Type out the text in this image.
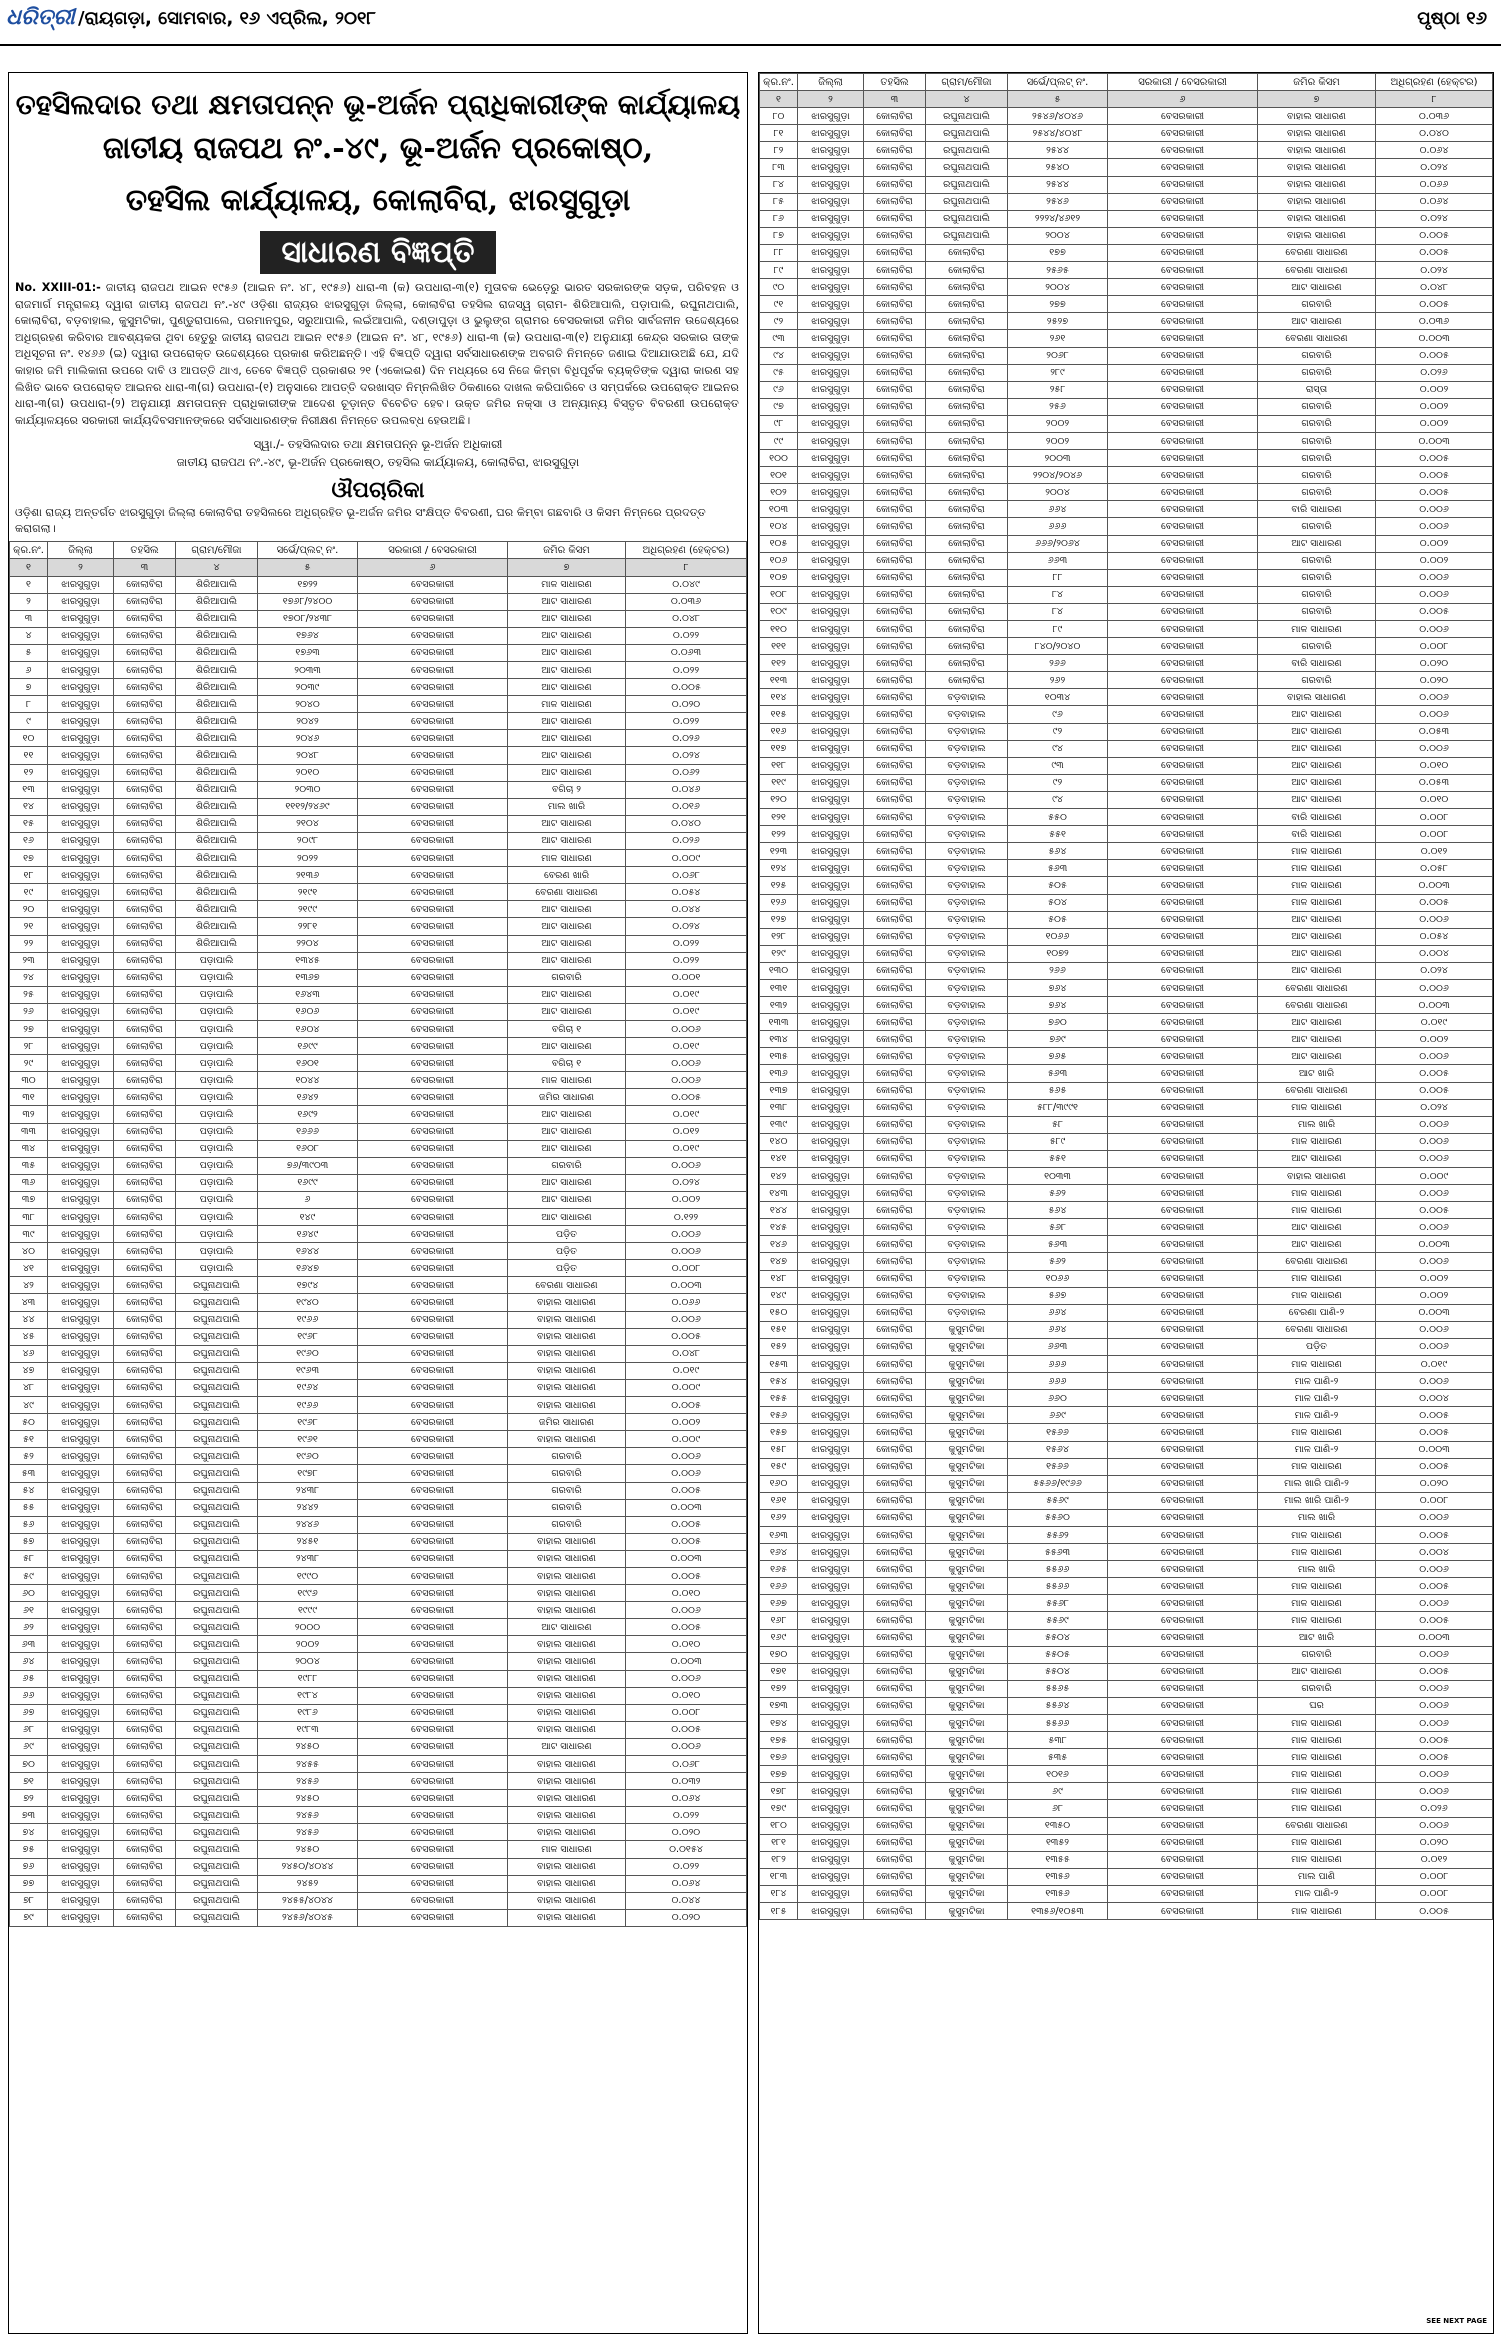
ଧରିତ୍ରୀ /ରାୟଗଡ଼ା, ସୋମବାର, ୧୬ ଏପ୍ରିଲ, ୨୦୧୮	ପୃଷ୍ଠା ୧୬
ତହସିଲଦାର ତଥା କ୍ଷମତାପନ୍ନ ଭୂ-ଅର୍ଜନ ପ୍ରାଧିକାରୀଙ୍କ କାର୍ଯ୍ୟାଳୟ
ଜାତୀୟ ରାଜପଥ ନଂ.-୪୯, ଭୂ-ଅର୍ଜନ ପ୍ରକୋଷ୍ଠ,
ତହସିଲ କାର୍ଯ୍ୟାଳୟ, କୋଲାବିରା, ଝାରସୁଗୁଡ଼ା
ସାଧାରଣ ବିଜ୍ଞପ୍ତି
No. XXIII-01:- ଜାତୀୟ ରାଜପଥ ଆଇନ ୧୯୫୬ (ଆଇନ ନଂ. ୪୮, ୧୯୫୬) ଧାରା-୩ (କ) ଉପଧାରା-୩(୧) ମୁତାବକ ଭେଡ଼େରୁ ଭାରତ ସରକାରଙ୍କ ସଡ଼କ, ପରିବହନ ଓ ରାଜମାର୍ଗ ମନ୍ତ୍ରାଳୟ ଦ୍ୱାରା ଜାତୀୟ ରାଜପଥ ନଂ.-୪୯ ଓଡ଼ିଶା ରାଜ୍ୟର ଝାରସୁଗୁଡ଼ା ଜିଲ୍ଲା, କୋଲାବିରା ତହସିଲ ରାଜସ୍ୱ ଗ୍ରାମ- ଶିରିଆପାଲି, ପଡ଼ାପାଲି, ରଘୁନାଥପାଲି, କୋଲାବିରା, ବଡ଼ବାହାଲ, କୁସୁମଟିକା, ପୁଣ୍ଡୁରାପାଲେ, ପରମାନପୁର, ସରୁଆପାଲି, ଲଇଁଆପାଲି, ଦଣ୍ଡାପୁଡ଼ା ଓ ଭୁଲୁଙ୍ଗ ଗ୍ରାମର ବେସରକାରୀ ଜମିର ସାର୍ବଜନୀନ ଉଦ୍ଦେଶ୍ୟରେ ଅଧିଗ୍ରହଣ କରିବାର ଆବଶ୍ୟକତା ଥିବା ହେତୁରୁ ଜାତୀୟ ରାଜପଥ ଆଇନ ୧୯୫୬ (ଆଇନ ନଂ. ୪୮, ୧୯୫୬) ଧାରା-୩ (କ) ଉପଧାରା-୩(୧) ଅନୁଯାୟୀ କେନ୍ଦ୍ର ସରକାର ତାଙ୍କ ଅଧିସୂଚନା ନଂ. ୧୪୬୬ (ଇ) ଦ୍ୱାରା ଉପରୋକ୍ତ ଉଦ୍ଦେଶ୍ୟରେ ପ୍ରକାଶ କରିଅଛନ୍ତି। ଏହି ବିଜ୍ଞପ୍ତି ଦ୍ୱାରା ସର୍ବସାଧାରଣଙ୍କ ଅବଗତି ନିମନ୍ତେ ଜଣାଇ ଦିଆଯାଉଅଛି ଯେ, ଯଦି କାହାର ଜମି ମାଲିକାନା ଉପରେ ଦାବି ଓ ଆପତ୍ତି ଥାଏ, ତେବେ ବିଜ୍ଞପ୍ତି ପ୍ରକାଶର ୨୧ (ଏକୋଇଶ) ଦିନ ମଧ୍ୟରେ ସେ ନିଜେ କିମ୍ବା ବିଧିପୂର୍ବକ ବ୍ୟକ୍ତିଙ୍କ ଦ୍ୱାରା କାରଣ ସହ ଲିଖିତ ଭାବେ ଉପରୋକ୍ତ ଆଇନର ଧାରା-୩(ଗ) ଉପଧାରା-(୧) ଅନୁସାରେ ଆପତ୍ତି ଦରଖାସ୍ତ ନିମ୍ନଲିଖିତ ଠିକଣାରେ ଦାଖଲ କରିପାରିବେ ଓ ସମ୍ପର୍କରେ ଉପରୋକ୍ତ ଆଇନର ଧାରା-୩(ଗ) ଉପଧାରା-(୨) ଅନୁଯାୟୀ କ୍ଷମତାପନ୍ନ ପ୍ରାଧିକାରୀଙ୍କ ଆଦେଶ ଚୂଡ଼ାନ୍ତ ବିବେଚିତ ହେବ। ଉକ୍ତ ଜମିର ନକ୍ସା ଓ ଅନ୍ୟାନ୍ୟ ବିସ୍ତୃତ ବିବରଣୀ ଉପରୋକ୍ତ କାର୍ଯ୍ୟାଳୟରେ ସରକାରୀ କାର୍ଯ୍ୟଦିବସମାନଙ୍କରେ ସର୍ବସାଧାରଣଙ୍କ ନିରୀକ୍ଷଣ ନିମନ୍ତେ ଉପଲବ୍ଧ ହେଉଅଛି।
ସ୍ୱା./- ତହସିଲଦାର ତଥା କ୍ଷମତାପନ୍ନ ଭୂ-ଅର୍ଜନ ଅଧିକାରୀ
ଜାତୀୟ ରାଜପଥ ନଂ.-୪୯, ଭୂ-ଅର୍ଜନ ପ୍ରକୋଷ୍ଠ, ତହସିଲ କାର୍ଯ୍ୟାଳୟ, କୋଲାବିରା, ଝାରସୁଗୁଡ଼ା
ଔପଚାରିକା
ଓଡ଼ିଶା ରାଜ୍ୟ ଅନ୍ତର୍ଗତ ଝାରସୁଗୁଡ଼ା ଜିଲ୍ଲା କୋଲାବିରା ତହସିଲରେ ଅଧିଗ୍ରହିତ ଭୂ-ଅର୍ଜନ ଜମିର ସଂକ୍ଷିପ୍ତ ବିବରଣୀ, ଘର କିମ୍ବା ଗଛବାରି ଓ କିସମ ନିମ୍ନରେ ପ୍ରଦତ୍ତ କରାଗଲା।
କ୍ର.ନଂ.	ଜିଲ୍ଲା	ତହସିଲ	ଗ୍ରାମ/ମୌଜା	ସର୍ଭେ/ପ୍ଲଟ୍ ନଂ.	ସରକାରୀ / ବେସରକାରୀ	ଜମିର କିସମ	ଅଧିଗ୍ରହଣ (ହେକ୍ଟର)
୧	୨	୩	୪	୫	୬	୭	୮
୧	ଝାରସୁଗୁଡ଼ା	କୋଲାବିରା	ଶିରିଆପାଲି	୧୭୨୨	ବେସରକାରୀ	ମାଳ ସାଧାରଣ	୦.୦୪୯
୨	ଝାରସୁଗୁଡ଼ା	କୋଲାବିରା	ଶିରିଆପାଲି	୧୭୬୮/୨୪୦୦	ବେସରକାରୀ	ଆଟ ସାଧାରଣ	୦.୦୩୬
୩	ଝାରସୁଗୁଡ଼ା	କୋଲାବିରା	ଶିରିଆପାଲି	୧୭୦୮/୨୪୩୮	ବେସରକାରୀ	ଆଟ ସାଧାରଣ	୦.୦୪୮
୪	ଝାରସୁଗୁଡ଼ା	କୋଲାବିରା	ଶିରିଆପାଲି	୧୭୬୪	ବେସରକାରୀ	ଆଟ ସାଧାରଣ	୦.୦୨୨
୫	ଝାରସୁଗୁଡ଼ା	କୋଲାବିରା	ଶିରିଆପାଲି	୧୭୬୩	ବେସରକାରୀ	ଆଟ ସାଧାରଣ	୦.୦୬୩
୬	ଝାରସୁଗୁଡ଼ା	କୋଲାବିରା	ଶିରିଆପାଲି	୨୦୩୩	ବେସରକାରୀ	ଆଟ ସାଧାରଣ	୦.୦୨୨
୭	ଝାରସୁଗୁଡ଼ା	କୋଲାବିରା	ଶିରିଆପାଲି	୨୦୩୯	ବେସରକାରୀ	ଆଟ ସାଧାରଣ	୦.୦୦୫
୮	ଝାରସୁଗୁଡ଼ା	କୋଲାବିରା	ଶିରିଆପାଲି	୨୦୪୦	ବେସରକାରୀ	ମାଳ ସାଧାରଣ	୦.୦୨୦
୯	ଝାରସୁଗୁଡ଼ା	କୋଲାବିରା	ଶିରିଆପାଲି	୨୦୪୨	ବେସରକାରୀ	ଆଟ ସାଧାରଣ	୦.୦୨୨
୧୦	ଝାରସୁଗୁଡ଼ା	କୋଲାବିରା	ଶିରିଆପାଲି	୨୦୪୬	ବେସରକାରୀ	ଆଟ ସାଧାରଣ	୦.୦୨୬
୧୧	ଝାରସୁଗୁଡ଼ା	କୋଲାବିରା	ଶିରିଆପାଲି	୨୦୪୮	ବେସରକାରୀ	ଆଟ ସାଧାରଣ	୦.୦୨୪
୧୨	ଝାରସୁଗୁଡ଼ା	କୋଲାବିରା	ଶିରିଆପାଲି	୨୦୧୦	ବେସରକାରୀ	ଆଟ ସାଧାରଣ	୦.୦୬୨
୧୩	ଝାରସୁଗୁଡ଼ା	କୋଲାବିରା	ଶିରିଆପାଲି	୨୦୩୦	ବେସରକାରୀ	ବଗିଚା ୨	୦.୦୪୬
୧୪	ଝାରସୁଗୁଡ଼ା	କୋଲାବିରା	ଶିରିଆପାଲି	୧୧୧୨/୨୪୬୯	ବେସରକାରୀ	ମାଲ ଖାରି	୦.୦୧୬
୧୫	ଝାରସୁଗୁଡ଼ା	କୋଲାବିରା	ଶିରିଆପାଲି	୨୧୦୪	ବେସରକାରୀ	ଆଟ ସାଧାରଣ	୦.୦୪୦
୧୬	ଝାରସୁଗୁଡ଼ା	କୋଲାବିରା	ଶିରିଆପାଲି	୨୦୯୮	ବେସରକାରୀ	ଆଟ ସାଧାରଣ	୦.୦୨୬
୧୭	ଝାରସୁଗୁଡ଼ା	କୋଲାବିରା	ଶିରିଆପାଲି	୨୦୨୨	ବେସରକାରୀ	ମାଳ ସାଧାରଣ	୦.୦୦୯
୧୮	ଝାରସୁଗୁଡ଼ା	କୋଲାବିରା	ଶିରିଆପାଲି	୨୧୩୬	ବେସରକାରୀ	ବେରଣ ଖାରି	୦.୦୬୮
୧୯	ଝାରସୁଗୁଡ଼ା	କୋଲାବିରା	ଶିରିଆପାଲି	୨୧୯୧	ବେସରକାରୀ	ବେରଣା ସାଧାରଣ	୦.୦୫୪
୨୦	ଝାରସୁଗୁଡ଼ା	କୋଲାବିରା	ଶିରିଆପାଲି	୨୧୯୯	ବେସରକାରୀ	ଆଟ ସାଧାରଣ	୦.୦୪୪
୨୧	ଝାରସୁଗୁଡ଼ା	କୋଲାବିରା	ଶିରିଆପାଲି	୨୨୮୧	ବେସରକାରୀ	ଆଟ ସାଧାରଣ	୦.୦୨୪
୨୨	ଝାରସୁଗୁଡ଼ା	କୋଲାବିରା	ଶିରିଆପାଲି	୨୨୦୪	ବେସରକାରୀ	ଆଟ ସାଧାରଣ	୦.୦୨୨
୨୩	ଝାରସୁଗୁଡ଼ା	କୋଲାବିରା	ପଡ଼ାପାଲି	୧୩୪୫	ବେସରକାରୀ	ଆଟ ସାଧାରଣ	୦.୦୨୨
୨୪	ଝାରସୁଗୁଡ଼ା	କୋଲାବିରା	ପଡ଼ାପାଲି	୧୩୬୭	ବେସରକାରୀ	ଗରବାରି	୦.୦୦୧
୨୫	ଝାରସୁଗୁଡ଼ା	କୋଲାବିରା	ପଡ଼ାପାଲି	୧୬୪୩	ବେସରକାରୀ	ଆଟ ସାଧାରଣ	୦.୦୧୯
୨୬	ଝାରସୁଗୁଡ଼ା	କୋଲାବିରା	ପଡ଼ାପାଲି	୧୬୦୬	ବେସରକାରୀ	ଆଟ ସାଧାରଣ	୦.୦୧୯
୨୭	ଝାରସୁଗୁଡ଼ା	କୋଲାବିରା	ପଡ଼ାପାଲି	୧୬୦୪	ବେସରକାରୀ	ବଗିଚା ୧	୦.୦୦୬
୨୮	ଝାରସୁଗୁଡ଼ା	କୋଲାବିରା	ପଡ଼ାପାଲି	୧୬୯୯	ବେସରକାରୀ	ଆଟ ସାଧାରଣ	୦.୦୧୯
୨୯	ଝାରସୁଗୁଡ଼ା	କୋଲାବିରା	ପଡ଼ାପାଲି	୧୬୦୧	ବେସରକାରୀ	ବଗିଚା ୧	୦.୦୦୬
୩୦	ଝାରସୁଗୁଡ଼ା	କୋଲାବିରା	ପଡ଼ାପାଲି	୧୦୪୪	ବେସରକାରୀ	ମାଳ ସାଧାରଣ	୦.୦୦୬
୩୧	ଝାରସୁଗୁଡ଼ା	କୋଲାବିରା	ପଡ଼ାପାଲି	୧୬୪୨	ବେସରକାରୀ	ଜମିର ସାଧାରଣ	୦.୦୦୫
୩୨	ଝାରସୁଗୁଡ଼ା	କୋଲାବିରା	ପଡ଼ାପାଲି	୧୬୯୨	ବେସରକାରୀ	ଆଟ ସାଧାରଣ	୦.୦୧୯
୩୩	ଝାରସୁଗୁଡ଼ା	କୋଲାବିରା	ପଡ଼ାପାଲି	୧୬୬୬	ବେସରକାରୀ	ଆଟ ସାଧାରଣ	୦.୦୧୨
୩୪	ଝାରସୁଗୁଡ଼ା	କୋଲାବିରା	ପଡ଼ାପାଲି	୧୬୦୮	ବେସରକାରୀ	ଆଟ ସାଧାରଣ	୦.୦୧୯
୩୫	ଝାରସୁଗୁଡ଼ା	କୋଲାବିରା	ପଡ଼ାପାଲି	୭୬/୩୯୦୩	ବେସରକାରୀ	ଗରବାରି	୦.୦୦୬
୩୬	ଝାରସୁଗୁଡ଼ା	କୋଲାବିରା	ପଡ଼ାପାଲି	୧୬୯୯	ବେସରକାରୀ	ଆଟ ସାଧାରଣ	୦.୦୨୪
୩୭	ଝାରସୁଗୁଡ଼ା	କୋଲାବିରା	ପଡ଼ାପାଲି	୬	ବେସରକାରୀ	ଆଟ ସାଧାରଣ	୦.୦୦୨
୩୮	ଝାରସୁଗୁଡ଼ା	କୋଲାବିରା	ପଡ଼ାପାଲି	୧୪୯	ବେସରକାରୀ	ଆଟ ସାଧାରଣ	୦.୧୨୨
୩୯	ଝାରସୁଗୁଡ଼ା	କୋଲାବିରା	ପଡ଼ାପାଲି	୧୬୪୯	ବେସରକାରୀ	ପଡ଼ିତ	୦.୦୦୬
୪୦	ଝାରସୁଗୁଡ଼ା	କୋଲାବିରା	ପଡ଼ାପାଲି	୧୬୪୪	ବେସରକାରୀ	ପଡ଼ିତ	୦.୦୦୬
୪୧	ଝାରସୁଗୁଡ଼ା	କୋଲାବିରା	ପଡ଼ାପାଲି	୧୬୪୭	ବେସରକାରୀ	ପଡ଼ିତ	୦.୦୦୮
୪୨	ଝାରସୁଗୁଡ଼ା	କୋଲାବିରା	ରଘୁନାଥପାଲି	୧୭୯୪	ବେସରକାରୀ	ବେରଣା ସାଧାରଣ	୦.୦୦୩
୪୩	ଝାରସୁଗୁଡ଼ା	କୋଲାବିରା	ରଘୁନାଥପାଲି	୧୯୪୦	ବେସରକାରୀ	ବାହାଲ ସାଧାରଣ	୦.୦୬୬
୪୪	ଝାରସୁଗୁଡ଼ା	କୋଲାବିରା	ରଘୁନାଥପାଲି	୧୯୬୬	ବେସରକାରୀ	ବାହାଲ ସାଧାରଣ	୦.୦୦୬
୪୫	ଝାରସୁଗୁଡ଼ା	କୋଲାବିରା	ରଘୁନାଥପାଲି	୧୯୬୮	ବେସରକାରୀ	ବାହାଲ ସାଧାରଣ	୦.୦୦୫
୪୬	ଝାରସୁଗୁଡ଼ା	କୋଲାବିରା	ରଘୁନାଥପାଲି	୧୯୬୦	ବେସରକାରୀ	ବାହାଲ ସାଧାରଣ	୦.୦୪୮
୪୭	ଝାରସୁଗୁଡ଼ା	କୋଲାବିରା	ରଘୁନାଥପାଲି	୧୯୬୩	ବେସରକାରୀ	ବାହାଲ ସାଧାରଣ	୦.୦୧୯
୪୮	ଝାରସୁଗୁଡ଼ା	କୋଲାବିରା	ରଘୁନାଥପାଲି	୧୯୬୪	ବେସରକାରୀ	ବାହାଲ ସାଧାରଣ	୦.୦୦୯
୪୯	ଝାରସୁଗୁଡ଼ା	କୋଲାବିରା	ରଘୁନାଥପାଲି	୧୯୬୬	ବେସରକାରୀ	ବାହାଲ ସାଧାରଣ	୦.୦୦୫
୫୦	ଝାରସୁଗୁଡ଼ା	କୋଲାବିରା	ରଘୁନାଥପାଲି	୧୯୬୮	ବେସରକାରୀ	ଜମିର ସାଧାରଣ	୦.୦୦୨
୫୧	ଝାରସୁଗୁଡ଼ା	କୋଲାବିରା	ରଘୁନାଥପାଲି	୧୯୬୧	ବେସରକାରୀ	ବାହାଲ ସାଧାରଣ	୦.୦୦୯
୫୨	ଝାରସୁଗୁଡ଼ା	କୋଲାବିରା	ରଘୁନାଥପାଲି	୧୯୬୦	ବେସରକାରୀ	ଗରବାରି	୦.୦୦୬
୫୩	ଝାରସୁଗୁଡ଼ା	କୋଲାବିରା	ରଘୁନାଥପାଲି	୧୯୭୮	ବେସରକାରୀ	ଗରବାରି	୦.୦୦୬
୫୪	ଝାରସୁଗୁଡ଼ା	କୋଲାବିରା	ରଘୁନାଥପାଲି	୨୪୩୮	ବେସରକାରୀ	ଗରବାରି	୦.୦୦୫
୫୫	ଝାରସୁଗୁଡ଼ା	କୋଲାବିରା	ରଘୁନାଥପାଲି	୨୪୪୨	ବେସରକାରୀ	ଗରବାରି	୦.୦୦୩
୫୬	ଝାରସୁଗୁଡ଼ା	କୋଲାବିରା	ରଘୁନାଥପାଲି	୨୪୪୬	ବେସରକାରୀ	ଗରବାରି	୦.୦୦୫
୫୭	ଝାରସୁଗୁଡ଼ା	କୋଲାବିରା	ରଘୁନାଥପାଲି	୨୪୫୧	ବେସରକାରୀ	ବାହାଲ ସାଧାରଣ	୦.୦୦୫
୫୮	ଝାରସୁଗୁଡ଼ା	କୋଲାବିରା	ରଘୁନାଥପାଲି	୨୪୩୮	ବେସରକାରୀ	ବାହାଲ ସାଧାରଣ	୦.୦୦୩
୫୯	ଝାରସୁଗୁଡ଼ା	କୋଲାବିରା	ରଘୁନାଥପାଲି	୧୯୯୦	ବେସରକାରୀ	ବାହାଲ ସାଧାରଣ	୦.୦୦୫
୬୦	ଝାରସୁଗୁଡ଼ା	କୋଲାବିରା	ରଘୁନାଥପାଲି	୧୯୯୬	ବେସରକାରୀ	ବାହାଲ ସାଧାରଣ	୦.୦୧୦
୬୧	ଝାରସୁଗୁଡ଼ା	କୋଲାବିରା	ରଘୁନାଥପାଲି	୧୯୯୯	ବେସରକାରୀ	ବାହାଲ ସାଧାରଣ	୦.୦୦୬
୬୨	ଝାରସୁଗୁଡ଼ା	କୋଲାବିରା	ରଘୁନାଥପାଲି	୨୦୦୦	ବେସରକାରୀ	ଆଟ ସାଧାରଣ	୦.୦୦୫
୬୩	ଝାରସୁଗୁଡ଼ା	କୋଲାବିରା	ରଘୁନାଥପାଲି	୨୦୦୨	ବେସରକାରୀ	ବାହାଲ ସାଧାରଣ	୦.୦୧୦
୬୪	ଝାରସୁଗୁଡ଼ା	କୋଲାବିରା	ରଘୁନାଥପାଲି	୨୦୦୪	ବେସରକାରୀ	ବାହାଲ ସାଧାରଣ	୦.୦୦୩
୬୫	ଝାରସୁଗୁଡ଼ା	କୋଲାବିରା	ରଘୁନାଥପାଲି	୧୯୮୮	ବେସରକାରୀ	ବାହାଲ ସାଧାରଣ	୦.୦୦୬
୬୬	ଝାରସୁଗୁଡ଼ା	କୋଲାବିରା	ରଘୁନାଥପାଲି	୧୯୮୪	ବେସରକାରୀ	ବାହାଲ ସାଧାରଣ	୦.୦୧୦
୬୭	ଝାରସୁଗୁଡ଼ା	କୋଲାବିରା	ରଘୁନାଥପାଲି	୧୯୮୬	ବେସରକାରୀ	ବାହାଲ ସାଧାରଣ	୦.୦୦୮
୬୮	ଝାରସୁଗୁଡ଼ା	କୋଲାବିରା	ରଘୁନାଥପାଲି	୧୯୮୩	ବେସରକାରୀ	ବାହାଲ ସାଧାରଣ	୦.୦୦୫
୬୯	ଝାରସୁଗୁଡ଼ା	କୋଲାବିରା	ରଘୁନାଥପାଲି	୨୪୫୦	ବେସରକାରୀ	ଆଟ ସାଧାରଣ	୦.୦୦୬
୭୦	ଝାରସୁଗୁଡ଼ା	କୋଲାବିରା	ରଘୁନାଥପାଲି	୨୪୫୫	ବେସରକାରୀ	ବାହାଲ ସାଧାରଣ	୦.୦୬୮
୭୧	ଝାରସୁଗୁଡ଼ା	କୋଲାବିରା	ରଘୁନାଥପାଲି	୨୪୫୬	ବେସରକାରୀ	ବାହାଲ ସାଧାରଣ	୦.୦୩୨
୭୨	ଝାରସୁଗୁଡ଼ା	କୋଲାବିରା	ରଘୁନାଥପାଲି	୨୪୫୦	ବେସରକାରୀ	ବାହାଲ ସାଧାରଣ	୦.୦୬୪
୭୩	ଝାରସୁଗୁଡ଼ା	କୋଲାବିରା	ରଘୁନାଥପାଲି	୨୪୫୬	ବେସରକାରୀ	ବାହାଲ ସାଧାରଣ	୦.୦୨୨
୭୪	ଝାରସୁଗୁଡ଼ା	କୋଲାବିରା	ରଘୁନାଥପାଲି	୨୪୫୬	ବେସରକାରୀ	ବାହାଲ ସାଧାରଣ	୦.୦୨୦
୭୫	ଝାରସୁଗୁଡ଼ା	କୋଲାବିରା	ରଘୁନାଥପାଲି	୨୪୫୦	ବେସରକାରୀ	ମାଳ ସାଧାରଣ	୦.୦୧୫୪
୭୬	ଝାରସୁଗୁଡ଼ା	କୋଲାବିରା	ରଘୁନାଥପାଲି	୨୪୫୦/୪୦୪୪	ବେସରକାରୀ	ବାହାଲ ସାଧାରଣ	୦.୦୨୨
୭୭	ଝାରସୁଗୁଡ଼ା	କୋଲାବିରା	ରଘୁନାଥପାଲି	୨୪୫୨	ବେସରକାରୀ	ବାହାଲ ସାଧାରଣ	୦.୦୬୪
୭୮	ଝାରସୁଗୁଡ଼ା	କୋଲାବିରା	ରଘୁନାଥପାଲି	୨୪୫୫/୪୦୪୪	ବେସରକାରୀ	ବାହାଲ ସାଧାରଣ	୦.୦୪୪
୭୯	ଝାରସୁଗୁଡ଼ା	କୋଲାବିରା	ରଘୁନାଥପାଲି	୨୪୫୬/୪୦୪୫	ବେସରକାରୀ	ବାହାଲ ସାଧାରଣ	୦.୦୨୦
କ୍ର.ନଂ.	ଜିଲ୍ଲା	ତହସିଲ	ଗ୍ରାମ/ମୌଜା	ସର୍ଭେ/ପ୍ଲଟ୍ ନଂ.	ସରକାରୀ / ବେସରକାରୀ	ଜମିର କିସମ	ଅଧିଗ୍ରହଣ (ହେକ୍ଟର)
୧	୨	୩	୪	୫	୬	୭	୮
୮୦	ଝାରସୁଗୁଡ଼ା	କୋଲାବିରା	ରଘୁନାଥପାଲି	୨୫୪୬/୪୦୪୬	ବେସରକାରୀ	ବାହାଲ ସାଧାରଣ	୦.୦୩୬
୮୧	ଝାରସୁଗୁଡ଼ା	କୋଲାବିରା	ରଘୁନାଥପାଲି	୨୫୪୪/୪୦୪୮	ବେସରକାରୀ	ବାହାଲ ସାଧାରଣ	୦.୦୪୦
୮୨	ଝାରସୁଗୁଡ଼ା	କୋଲାବିରା	ରଘୁନାଥପାଲି	୨୫୪୪	ବେସରକାରୀ	ବାହାଲ ସାଧାରଣ	୦.୦୬୪
୮୩	ଝାରସୁଗୁଡ଼ା	କୋଲାବିରା	ରଘୁନାଥପାଲି	୨୫୪୦	ବେସରକାରୀ	ବାହାଲ ସାଧାରଣ	୦.୦୨୪
୮୪	ଝାରସୁଗୁଡ଼ା	କୋଲାବିରା	ରଘୁନାଥପାଲି	୨୫୪୪	ବେସରକାରୀ	ବାହାଲ ସାଧାରଣ	୦.୦୬୬
୮୫	ଝାରସୁଗୁଡ଼ା	କୋଲାବିରା	ରଘୁନାଥପାଲି	୨୫୪୬	ବେସରକାରୀ	ବାହାଲ ସାଧାରଣ	୦.୦୬୪
୮୬	ଝାରସୁଗୁଡ଼ା	କୋଲାବିରା	ରଘୁନାଥପାଲି	୨୨୨୪/୪୬୧୨	ବେସରକାରୀ	ବାହାଲ ସାଧାରଣ	୦.୦୨୪
୮୭	ଝାରସୁଗୁଡ଼ା	କୋଲାବିରା	ରଘୁନାଥପାଲି	୨୦୦୪	ବେସରକାରୀ	ବାହାଲ ସାଧାରଣ	୦.୦୦୫
୮୮	ଝାରସୁଗୁଡ଼ା	କୋଲାବିରା	କୋଲାବିରା	୧୭୭	ବେସରକାରୀ	ବେରଣା ସାଧାରଣ	୦.୦୦୫
୮୯	ଝାରସୁଗୁଡ଼ା	କୋଲାବିରା	କୋଲାବିରା	୨୫୬୫	ବେସରକାରୀ	ବେରଣା ସାଧାରଣ	୦.୦୨୪
୯୦	ଝାରସୁଗୁଡ଼ା	କୋଲାବିରା	କୋଲାବିରା	୨୦୦୪	ବେସରକାରୀ	ଆଟ ସାଧାରଣ	୦.୦୪୮
୯୧	ଝାରସୁଗୁଡ଼ା	କୋଲାବିରା	କୋଲାବିରା	୨୭୭	ବେସରକାରୀ	ଗରବାରି	୦.୦୦୫
୯୨	ଝାରସୁଗୁଡ଼ା	କୋଲାବିରା	କୋଲାବିରା	୨୫୨୭	ବେସରକାରୀ	ଆଟ ସାଧାରଣ	୦.୦୩୬
୯୩	ଝାରସୁଗୁଡ଼ା	କୋଲାବିରା	କୋଲାବିରା	୨୬୧	ବେସରକାରୀ	ବେରଣା ସାଧାରଣ	୦.୦୦୩
୯୪	ଝାରସୁଗୁଡ଼ା	କୋଲାବିରା	କୋଲାବିରା	୨୦୬୮	ବେସରକାରୀ	ଗରବାରି	୦.୦୦୫
୯୫	ଝାରସୁଗୁଡ଼ା	କୋଲାବିରା	କୋଲାବିରା	୨୮୯	ବେସରକାରୀ	ଗରବାରି	୦.୦୨୬
୯୬	ଝାରସୁଗୁଡ଼ା	କୋଲାବିରା	କୋଲାବିରା	୨୫୮	ବେସରକାରୀ	ରାସ୍ତା	୦.୦୦୨
୯୭	ଝାରସୁଗୁଡ଼ା	କୋଲାବିରା	କୋଲାବିରା	୨୫୬	ବେସରକାରୀ	ଗରବାରି	୦.୦୦୨
୯୮	ଝାରସୁଗୁଡ଼ା	କୋଲାବିରା	କୋଲାବିରା	୨୦୦୨	ବେସରକାରୀ	ଗରବାରି	୦.୦୦୨
୯୯	ଝାରସୁଗୁଡ଼ା	କୋଲାବିରା	କୋଲାବିରା	୨୦୦୨	ବେସରକାରୀ	ଗରବାରି	୦.୦୦୩
୧୦୦	ଝାରସୁଗୁଡ଼ା	କୋଲାବିରା	କୋଲାବିରା	୨୦୦୩	ବେସରକାରୀ	ଗରବାରି	୦.୦୦୫
୧୦୧	ଝାରସୁଗୁଡ଼ା	କୋଲାବିରା	କୋଲାବିରା	୨୨୦୪/୨୦୪୬	ବେସରକାରୀ	ଗରବାରି	୦.୦୦୫
୧୦୨	ଝାରସୁଗୁଡ଼ା	କୋଲାବିରା	କୋଲାବିରା	୨୦୦୪	ବେସରକାରୀ	ଗରବାରି	୦.୦୦୫
୧୦୩	ଝାରସୁଗୁଡ଼ା	କୋଲାବିରା	କୋଲାବିରା	୬୬୪	ବେସରକାରୀ	ବାରି ସାଧାରଣ	୦.୦୦୬
୧୦୪	ଝାରସୁଗୁଡ଼ା	କୋଲାବିରା	କୋଲାବିରା	୬୬୬	ବେସରକାରୀ	ଗରବାରି	୦.୦୦୬
୧୦୫	ଝାରସୁଗୁଡ଼ା	କୋଲାବିରା	କୋଲାବିରା	୬୬୬/୨୦୬୪	ବେସରକାରୀ	ଆଟ ସାଧାରଣ	୦.୦୦୨
୧୦୬	ଝାରସୁଗୁଡ଼ା	କୋଲାବିରା	କୋଲାବିରା	୬୬୩	ବେସରକାରୀ	ଗରବାରି	୦.୦୦୨
୧୦୭	ଝାରସୁଗୁଡ଼ା	କୋଲାବିରା	କୋଲାବିରା	୮୮	ବେସରକାରୀ	ଗରବାରି	୦.୦୦୬
୧୦୮	ଝାରସୁଗୁଡ଼ା	କୋଲାବିରା	କୋଲାବିରା	୮୪	ବେସରକାରୀ	ଗରବାରି	୦.୦୦୬
୧୦୯	ଝାରସୁଗୁଡ଼ା	କୋଲାବିରା	କୋଲାବିରା	୮୪	ବେସରକାରୀ	ଗରବାରି	୦.୦୦୫
୧୧୦	ଝାରସୁଗୁଡ଼ା	କୋଲାବିରା	କୋଲାବିରା	୮୯	ବେସରକାରୀ	ମାଳ ସାଧାରଣ	୦.୦୦୬
୧୧୧	ଝାରସୁଗୁଡ଼ା	କୋଲାବିରା	କୋଲାବିରା	୮୪୦/୨୦୪୦	ବେସରକାରୀ	ଗରବାରି	୦.୦୦୮
୧୧୨	ଝାରସୁଗୁଡ଼ା	କୋଲାବିରା	କୋଲାବିରା	୨୬୬	ବେସରକାରୀ	ବାରି ସାଧାରଣ	୦.୦୨୦
୧୧୩	ଝାରସୁଗୁଡ଼ା	କୋଲାବିରା	କୋଲାବିରା	୨୬୨	ବେସରକାରୀ	ଗରବାରି	୦.୦୨୦
୧୧୪	ଝାରସୁଗୁଡ଼ା	କୋଲାବିରା	ବଡ଼ବାହାଲ	୧୦୩୪	ବେସରକାରୀ	ବାହାଲ ସାଧାରଣ	୦.୦୦୬
୧୧୫	ଝାରସୁଗୁଡ଼ା	କୋଲାବିରା	ବଡ଼ବାହାଲ	୯୬	ବେସରକାରୀ	ଆଟ ସାଧାରଣ	୦.୦୦୬
୧୧୬	ଝାରସୁଗୁଡ଼ା	କୋଲାବିରା	ବଡ଼ବାହାଲ	୯୨	ବେସରକାରୀ	ଆଟ ସାଧାରଣ	୦.୦୫୩
୧୧୭	ଝାରସୁଗୁଡ଼ା	କୋଲାବିରା	ବଡ଼ବାହାଲ	୯୪	ବେସରକାରୀ	ଆଟ ସାଧାରଣ	୦.୦୦୬
୧୧୮	ଝାରସୁଗୁଡ଼ା	କୋଲାବିରା	ବଡ଼ବାହାଲ	୯୩	ବେସରକାରୀ	ଆଟ ସାଧାରଣ	୦.୦୧୦
୧୧୯	ଝାରସୁଗୁଡ଼ା	କୋଲାବିରା	ବଡ଼ବାହାଲ	୯୨	ବେସରକାରୀ	ଆଟ ସାଧାରଣ	୦.୦୫୩
୧୨୦	ଝାରସୁଗୁଡ଼ା	କୋଲାବିରା	ବଡ଼ବାହାଲ	୯୪	ବେସରକାରୀ	ଆଟ ସାଧାରଣ	୦.୦୧୦
୧୨୧	ଝାରସୁଗୁଡ଼ା	କୋଲାବିରା	ବଡ଼ବାହାଲ	୫୫୦	ବେସରକାରୀ	ବାରି ସାଧାରଣ	୦.୦୦୮
୧୨୨	ଝାରସୁଗୁଡ଼ା	କୋଲାବିରା	ବଡ଼ବାହାଲ	୫୫୧	ବେସରକାରୀ	ବାରି ସାଧାରଣ	୦.୦୦୮
୧୨୩	ଝାରସୁଗୁଡ଼ା	କୋଲାବିରା	ବଡ଼ବାହାଲ	୫୬୪	ବେସରକାରୀ	ମାଳ ସାଧାରଣ	୦.୦୧୨
୧୨୪	ଝାରସୁଗୁଡ଼ା	କୋଲାବିରା	ବଡ଼ବାହାଲ	୫୬୩	ବେସରକାରୀ	ମାଳ ସାଧାରଣ	୦.୦୫୮
୧୨୫	ଝାରସୁଗୁଡ଼ା	କୋଲାବିରା	ବଡ଼ବାହାଲ	୫୦୫	ବେସରକାରୀ	ମାଳ ସାଧାରଣ	୦.୦୦୩
୧୨୬	ଝାରସୁଗୁଡ଼ା	କୋଲାବିରା	ବଡ଼ବାହାଲ	୫୦୪	ବେସରକାରୀ	ମାଳ ସାଧାରଣ	୦.୦୦୫
୧୨୭	ଝାରସୁଗୁଡ଼ା	କୋଲାବିରା	ବଡ଼ବାହାଲ	୫୦୫	ବେସରକାରୀ	ଆଟ ସାଧାରଣ	୦.୦୦୬
୧୨୮	ଝାରସୁଗୁଡ଼ା	କୋଲାବିରା	ବଡ଼ବାହାଲ	୧୦୬୬	ବେସରକାରୀ	ଆଟ ସାଧାରଣ	୦.୦୫୪
୧୨୯	ଝାରସୁଗୁଡ଼ା	କୋଲାବିରା	ବଡ଼ବାହାଲ	୧୦୭୨	ବେସରକାରୀ	ଆଟ ସାଧାରଣ	୦.୦୦୪
୧୩୦	ଝାରସୁଗୁଡ଼ା	କୋଲାବିରା	ବଡ଼ବାହାଲ	୨୬୬	ବେସରକାରୀ	ଆଟ ସାଧାରଣ	୦.୦୨୪
୧୩୧	ଝାରସୁଗୁଡ଼ା	କୋଲାବିରା	ବଡ଼ବାହାଲ	୭୬୪	ବେସରକାରୀ	ବେରଣା ସାଧାରଣ	୦.୦୦୬
୧୩୨	ଝାରସୁଗୁଡ଼ା	କୋଲାବିରା	ବଡ଼ବାହାଲ	୭୬୪	ବେସରକାରୀ	ବେରଣା ସାଧାରଣ	୦.୦୦୩
୧୩୩	ଝାରସୁଗୁଡ଼ା	କୋଲାବିରା	ବଡ଼ବାହାଲ	୭୬୦	ବେସରକାରୀ	ଆଟ ସାଧାରଣ	୦.୦୧୯
୧୩୪	ଝାରସୁଗୁଡ଼ା	କୋଲାବିରା	ବଡ଼ବାହାଲ	୭୬୯	ବେସରକାରୀ	ଆଟ ସାଧାରଣ	୦.୦୦୨
୧୩୫	ଝାରସୁଗୁଡ଼ା	କୋଲାବିରା	ବଡ଼ବାହାଲ	୭୬୫	ବେସରକାରୀ	ଆଟ ସାଧାରଣ	୦.୦୦୬
୧୩୬	ଝାରସୁଗୁଡ଼ା	କୋଲାବିରା	ବଡ଼ବାହାଲ	୫୬୩	ବେସରକାରୀ	ଆଟ ଖାରି	୦.୦୦୫
୧୩୭	ଝାରସୁଗୁଡ଼ା	କୋଲାବିରା	ବଡ଼ବାହାଲ	୫୬୫	ବେସରକାରୀ	ବେରଣା ସାଧାରଣ	୦.୦୦୫
୧୩୮	ଝାରସୁଗୁଡ଼ା	କୋଲାବିରା	ବଡ଼ବାହାଲ	୫୮୮/୩୯୯୧	ବେସରକାରୀ	ମାଳ ସାଧାରଣ	୦.୦୨୪
୧୩୯	ଝାରସୁଗୁଡ଼ା	କୋଲାବିରା	ବଡ଼ବାହାଲ	୫୮	ବେସରକାରୀ	ମାଲ ଖାରି	୦.୦୦୬
୧୪୦	ଝାରସୁଗୁଡ଼ା	କୋଲାବିରା	ବଡ଼ବାହାଲ	୫୮୯	ବେସରକାରୀ	ମାଳ ସାଧାରଣ	୦.୦୦୬
୧୪୧	ଝାରସୁଗୁଡ଼ା	କୋଲାବିରା	ବଡ଼ବାହାଲ	୫୫୧	ବେସରକାରୀ	ଆଟ ସାଧାରଣ	୦.୦୦୬
୧୪୨	ଝାରସୁଗୁଡ଼ା	କୋଲାବିରା	ବଡ଼ବାହାଲ	୧୦୩୩	ବେସରକାରୀ	ବାହାଲ ସାଧାରଣ	୦.୦୦୯
୧୪୩	ଝାରସୁଗୁଡ଼ା	କୋଲାବିରା	ବଡ଼ବାହାଲ	୫୬୨	ବେସରକାରୀ	ମାଳ ସାଧାରଣ	୦.୦୦୬
୧୪୪	ଝାରସୁଗୁଡ଼ା	କୋଲାବିରା	ବଡ଼ବାହାଲ	୫୬୪	ବେସରକାରୀ	ମାଳ ସାଧାରଣ	୦.୦୦୫
୧୪୫	ଝାରସୁଗୁଡ଼ା	କୋଲାବିରା	ବଡ଼ବାହାଲ	୫୬୮	ବେସରକାରୀ	ଆଟ ସାଧାରଣ	୦.୦୦୬
୧୪୬	ଝାରସୁଗୁଡ଼ା	କୋଲାବିରା	ବଡ଼ବାହାଲ	୫୬୩	ବେସରକାରୀ	ଆଟ ସାଧାରଣ	୦.୦୦୩
୧୪୭	ଝାରସୁଗୁଡ଼ା	କୋଲାବିରା	ବଡ଼ବାହାଲ	୫୬୨	ବେସରକାରୀ	ବେରଣା ସାଧାରଣ	୦.୦୦୬
୧୪୮	ଝାରସୁଗୁଡ଼ା	କୋଲାବିରା	ବଡ଼ବାହାଲ	୧୦୬୬	ବେସରକାରୀ	ମାଳ ସାଧାରଣ	୦.୦୦୨
୧୪୯	ଝାରସୁଗୁଡ଼ା	କୋଲାବିରା	ବଡ଼ବାହାଲ	୫୬୭	ବେସରକାରୀ	ମାଳ ସାଧାରଣ	୦.୦୦୨
୧୫୦	ଝାରସୁଗୁଡ଼ା	କୋଲାବିରା	ବଡ଼ବାହାଲ	୬୬୪	ବେସରକାରୀ	ବେରଣା ପାଣି-୨	୦.୦୦୩
୧୫୧	ଝାରସୁଗୁଡ଼ା	କୋଲାବିରା	କୁସୁମଟିକା	୬୬୪	ବେସରକାରୀ	ବେରଣା ସାଧାରଣ	୦.୦୦୬
୧୫୨	ଝାରସୁଗୁଡ଼ା	କୋଲାବିରା	କୁସୁମଟିକା	୬୬୩	ବେସରକାରୀ	ପଡ଼ିତ	୦.୦୦୬
୧୫୩	ଝାରସୁଗୁଡ଼ା	କୋଲାବିରା	କୁସୁମଟିକା	୬୬୬	ବେସରକାରୀ	ମାଳ ସାଧାରଣ	୦.୦୧୯
୧୫୪	ଝାରସୁଗୁଡ଼ା	କୋଲାବିରା	କୁସୁମଟିକା	୬୬୬	ବେସରକାରୀ	ମାଳ ପାଣି-୨	୦.୦୦୬
୧୫୫	ଝାରସୁଗୁଡ଼ା	କୋଲାବିରା	କୁସୁମଟିକା	୬୬୦	ବେସରକାରୀ	ମାଳ ପାଣି-୨	୦.୦୦୪
୧୫୬	ଝାରସୁଗୁଡ଼ା	କୋଲାବିରା	କୁସୁମଟିକା	୬୬୯	ବେସରକାରୀ	ମାଳ ପାଣି-୨	୦.୦୦୫
୧୫୭	ଝାରସୁଗୁଡ଼ା	କୋଲାବିରା	କୁସୁମଟିକା	୧୫୬୬	ବେସରକାରୀ	ମାଳ ସାଧାରଣ	୦.୦୦୫
୧୫୮	ଝାରସୁଗୁଡ଼ା	କୋଲାବିରା	କୁସୁମଟିକା	୧୫୬୪	ବେସରକାରୀ	ମାଳ ପାଣି-୨	୦.୦୦୩
୧୫୯	ଝାରସୁଗୁଡ଼ା	କୋଲାବିରା	କୁସୁମଟିକା	୧୫୬୬	ବେସରକାରୀ	ମାଳ ସାଧାରଣ	୦.୦୦୫
୧୬୦	ଝାରସୁଗୁଡ଼ା	କୋଲାବିରା	କୁସୁମଟିକା	୫୫୬୬/୧୯୬୬	ବେସରକାରୀ	ମାଲ ଖାରି ପାଣି-୨	୦.୦୨୦
୧୬୧	ଝାରସୁଗୁଡ଼ା	କୋଲାବିରା	କୁସୁମଟିକା	୫୫୬୯	ବେସରକାରୀ	ମାଲ ଖାରି ପାଣି-୨	୦.୦୦୮
୧୬୨	ଝାରସୁଗୁଡ଼ା	କୋଲାବିରା	କୁସୁମଟିକା	୫୫୬୦	ବେସରକାରୀ	ମାଲ ଖାରି	୦.୦୦୬
୧୬୩	ଝାରସୁଗୁଡ଼ା	କୋଲାବିରା	କୁସୁମଟିକା	୫୫୬୨	ବେସରକାରୀ	ମାଳ ସାଧାରଣ	୦.୦୦୫
୧୬୪	ଝାରସୁଗୁଡ଼ା	କୋଲାବିରା	କୁସୁମଟିକା	୫୫୬୩	ବେସରକାରୀ	ମାଳ ସାଧାରଣ	୦.୦୦୪
୧୬୫	ଝାରସୁଗୁଡ଼ା	କୋଲାବିରା	କୁସୁମଟିକା	୫୫୬୬	ବେସରକାରୀ	ମାଲ ଖାରି	୦.୦୦୬
୧୬୬	ଝାରସୁଗୁଡ଼ା	କୋଲାବିରା	କୁସୁମଟିକା	୫୫୬୬	ବେସରକାରୀ	ମାଳ ସାଧାରଣ	୦.୦୦୫
୧୬୭	ଝାରସୁଗୁଡ଼ା	କୋଲାବିରା	କୁସୁମଟିକା	୫୫୬୮	ବେସରକାରୀ	ମାଳ ସାଧାରଣ	୦.୦୦୬
୧୬୮	ଝାରସୁଗୁଡ଼ା	କୋଲାବିରା	କୁସୁମଟିକା	୫୫୬୯	ବେସରକାରୀ	ମାଳ ସାଧାରଣ	୦.୦୦୫
୧୬୯	ଝାରସୁଗୁଡ଼ା	କୋଲାବିରା	କୁସୁମଟିକା	୫୫୦୪	ବେସରକାରୀ	ଆଟ ଖାରି	୦.୦୦୩
୧୭୦	ଝାରସୁଗୁଡ଼ା	କୋଲାବିରା	କୁସୁମଟିକା	୫୫୦୫	ବେସରକାରୀ	ଗରବାରି	୦.୦୦୬
୧୭୧	ଝାରସୁଗୁଡ଼ା	କୋଲାବିରା	କୁସୁମଟିକା	୫୫୦୪	ବେସରକାରୀ	ଆଟ ସାଧାରଣ	୦.୦୦୫
୧୭୨	ଝାରସୁଗୁଡ଼ା	କୋଲାବିରା	କୁସୁମଟିକା	୫୫୬୫	ବେସରକାରୀ	ଗରବାରି	୦.୦୦୬
୧୭୩	ଝାରସୁଗୁଡ଼ା	କୋଲାବିରା	କୁସୁମଟିକା	୫୫୬୪	ବେସରକାରୀ	ଘର	୦.୦୦୬
୧୭୪	ଝାରସୁଗୁଡ଼ା	କୋଲାବିରା	କୁସୁମଟିକା	୫୫୬୬	ବେସରକାରୀ	ମାଳ ସାଧାରଣ	୦.୦୦୬
୧୭୫	ଝାରସୁଗୁଡ଼ା	କୋଲାବିରା	କୁସୁମଟିକା	୫୩୮	ବେସରକାରୀ	ମାଳ ସାଧାରଣ	୦.୦୦୫
୧୭୬	ଝାରସୁଗୁଡ଼ା	କୋଲାବିରା	କୁସୁମଟିକା	୫୩୫	ବେସରକାରୀ	ମାଳ ସାଧାରଣ	୦.୦୦୫
୧୭୭	ଝାରସୁଗୁଡ଼ା	କୋଲାବିରା	କୁସୁମଟିକା	୧୦୧୬	ବେସରକାରୀ	ମାଳ ସାଧାରଣ	୦.୦୦୬
୧୭୮	ଝାରସୁଗୁଡ଼ା	କୋଲାବିରା	କୁସୁମଟିକା	୬୯	ବେସରକାରୀ	ମାଳ ସାଧାରଣ	୦.୦୦୬
୧୭୯	ଝାରସୁଗୁଡ଼ା	କୋଲାବିରା	କୁସୁମଟିକା	୬୮	ବେସରକାରୀ	ମାଳ ସାଧାରଣ	୦.୦୨୬
୧୮୦	ଝାରସୁଗୁଡ଼ା	କୋଲାବିରା	କୁସୁମଟିକା	୧୩୫୦	ବେସରକାରୀ	ବେରଣା ସାଧାରଣ	୦.୦୦୬
୧୮୧	ଝାରସୁଗୁଡ଼ା	କୋଲାବିରା	କୁସୁମଟିକା	୧୩୫୨	ବେସରକାରୀ	ମାଳ ସାଧାରଣ	୦.୦୨୦
୧୮୨	ଝାରସୁଗୁଡ଼ା	କୋଲାବିରା	କୁସୁମଟିକା	୧୩୫୫	ବେସରକାରୀ	ମାଳ ସାଧାରଣ	୦.୦୧୨
୧୮୩	ଝାରସୁଗୁଡ଼ା	କୋଲାବିରା	କୁସୁମଟିକା	୧୩୫୬	ବେସରକାରୀ	ମାଲ ପାଣି	୦.୦୦୮
୧୮୪	ଝାରସୁଗୁଡ଼ା	କୋଲାବିରା	କୁସୁମଟିକା	୧୩୫୬	ବେସରକାରୀ	ମାଳ ପାଣି-୨	୦.୦୦୮
୧୮୫	ଝାରସୁଗୁଡ଼ା	କୋଲାବିରା	କୁସୁମଟିକା	୧୩୫୬/୧୦୫୩	ବେସରକାରୀ	ମାଳ ସାଧାରଣ	୦.୦୦୫
SEE NEXT PAGE
